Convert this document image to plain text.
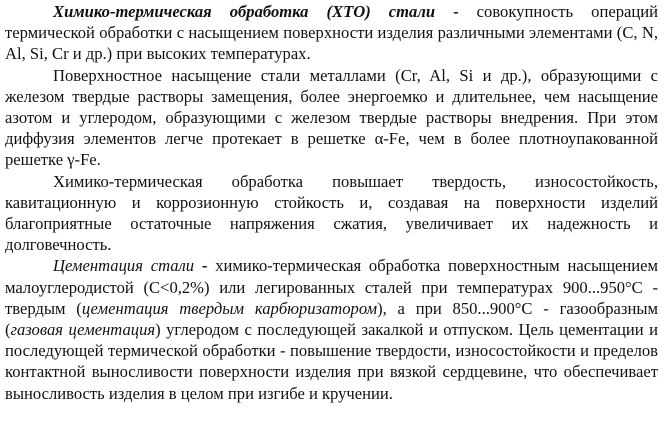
Химико-термическая обработка (ХТО) стали - совокупность операций термической обработки с насыщением поверхности изделия различными элементами (C, N, Al, Si, Cr и др.) при высоких температурах.

Поверхностное насыщение стали металлами (Cr, Al, Si и др.), образующими с железом твердые растворы замещения, более энергоемко и длительнее, чем насыщение азотом и углеродом, образующими с железом твердые растворы внедрения. При этом диффузия элементов легче протекает в решетке α-Fe, чем в более плотноупакованной решетке γ-Fe.

Химико-термическая обработка повышает твердость, износостойкость, кавитационную и коррозионную стойкость и, создавая на поверхности изделий благоприятные остаточные напряжения сжатия, увеличивает их надежность и долговечность.

Цементация стали - химико-термическая обработка поверхностным насыщением малоуглеродистой (C<0,2%) или легированных сталей при температурах 900...950°C - твердым (цементация твердым карбюризатором), а при 850...900°C - газообразным (газовая цементация) углеродом с последующей закалкой и отпуском. Цель цементации и последующей термической обработки - повышение твердости, износостойкости и пределов контактной выносливости поверхности изделия при вязкой сердцевине, что обеспечивает выносливость изделия в целом при изгибе и кручении.
